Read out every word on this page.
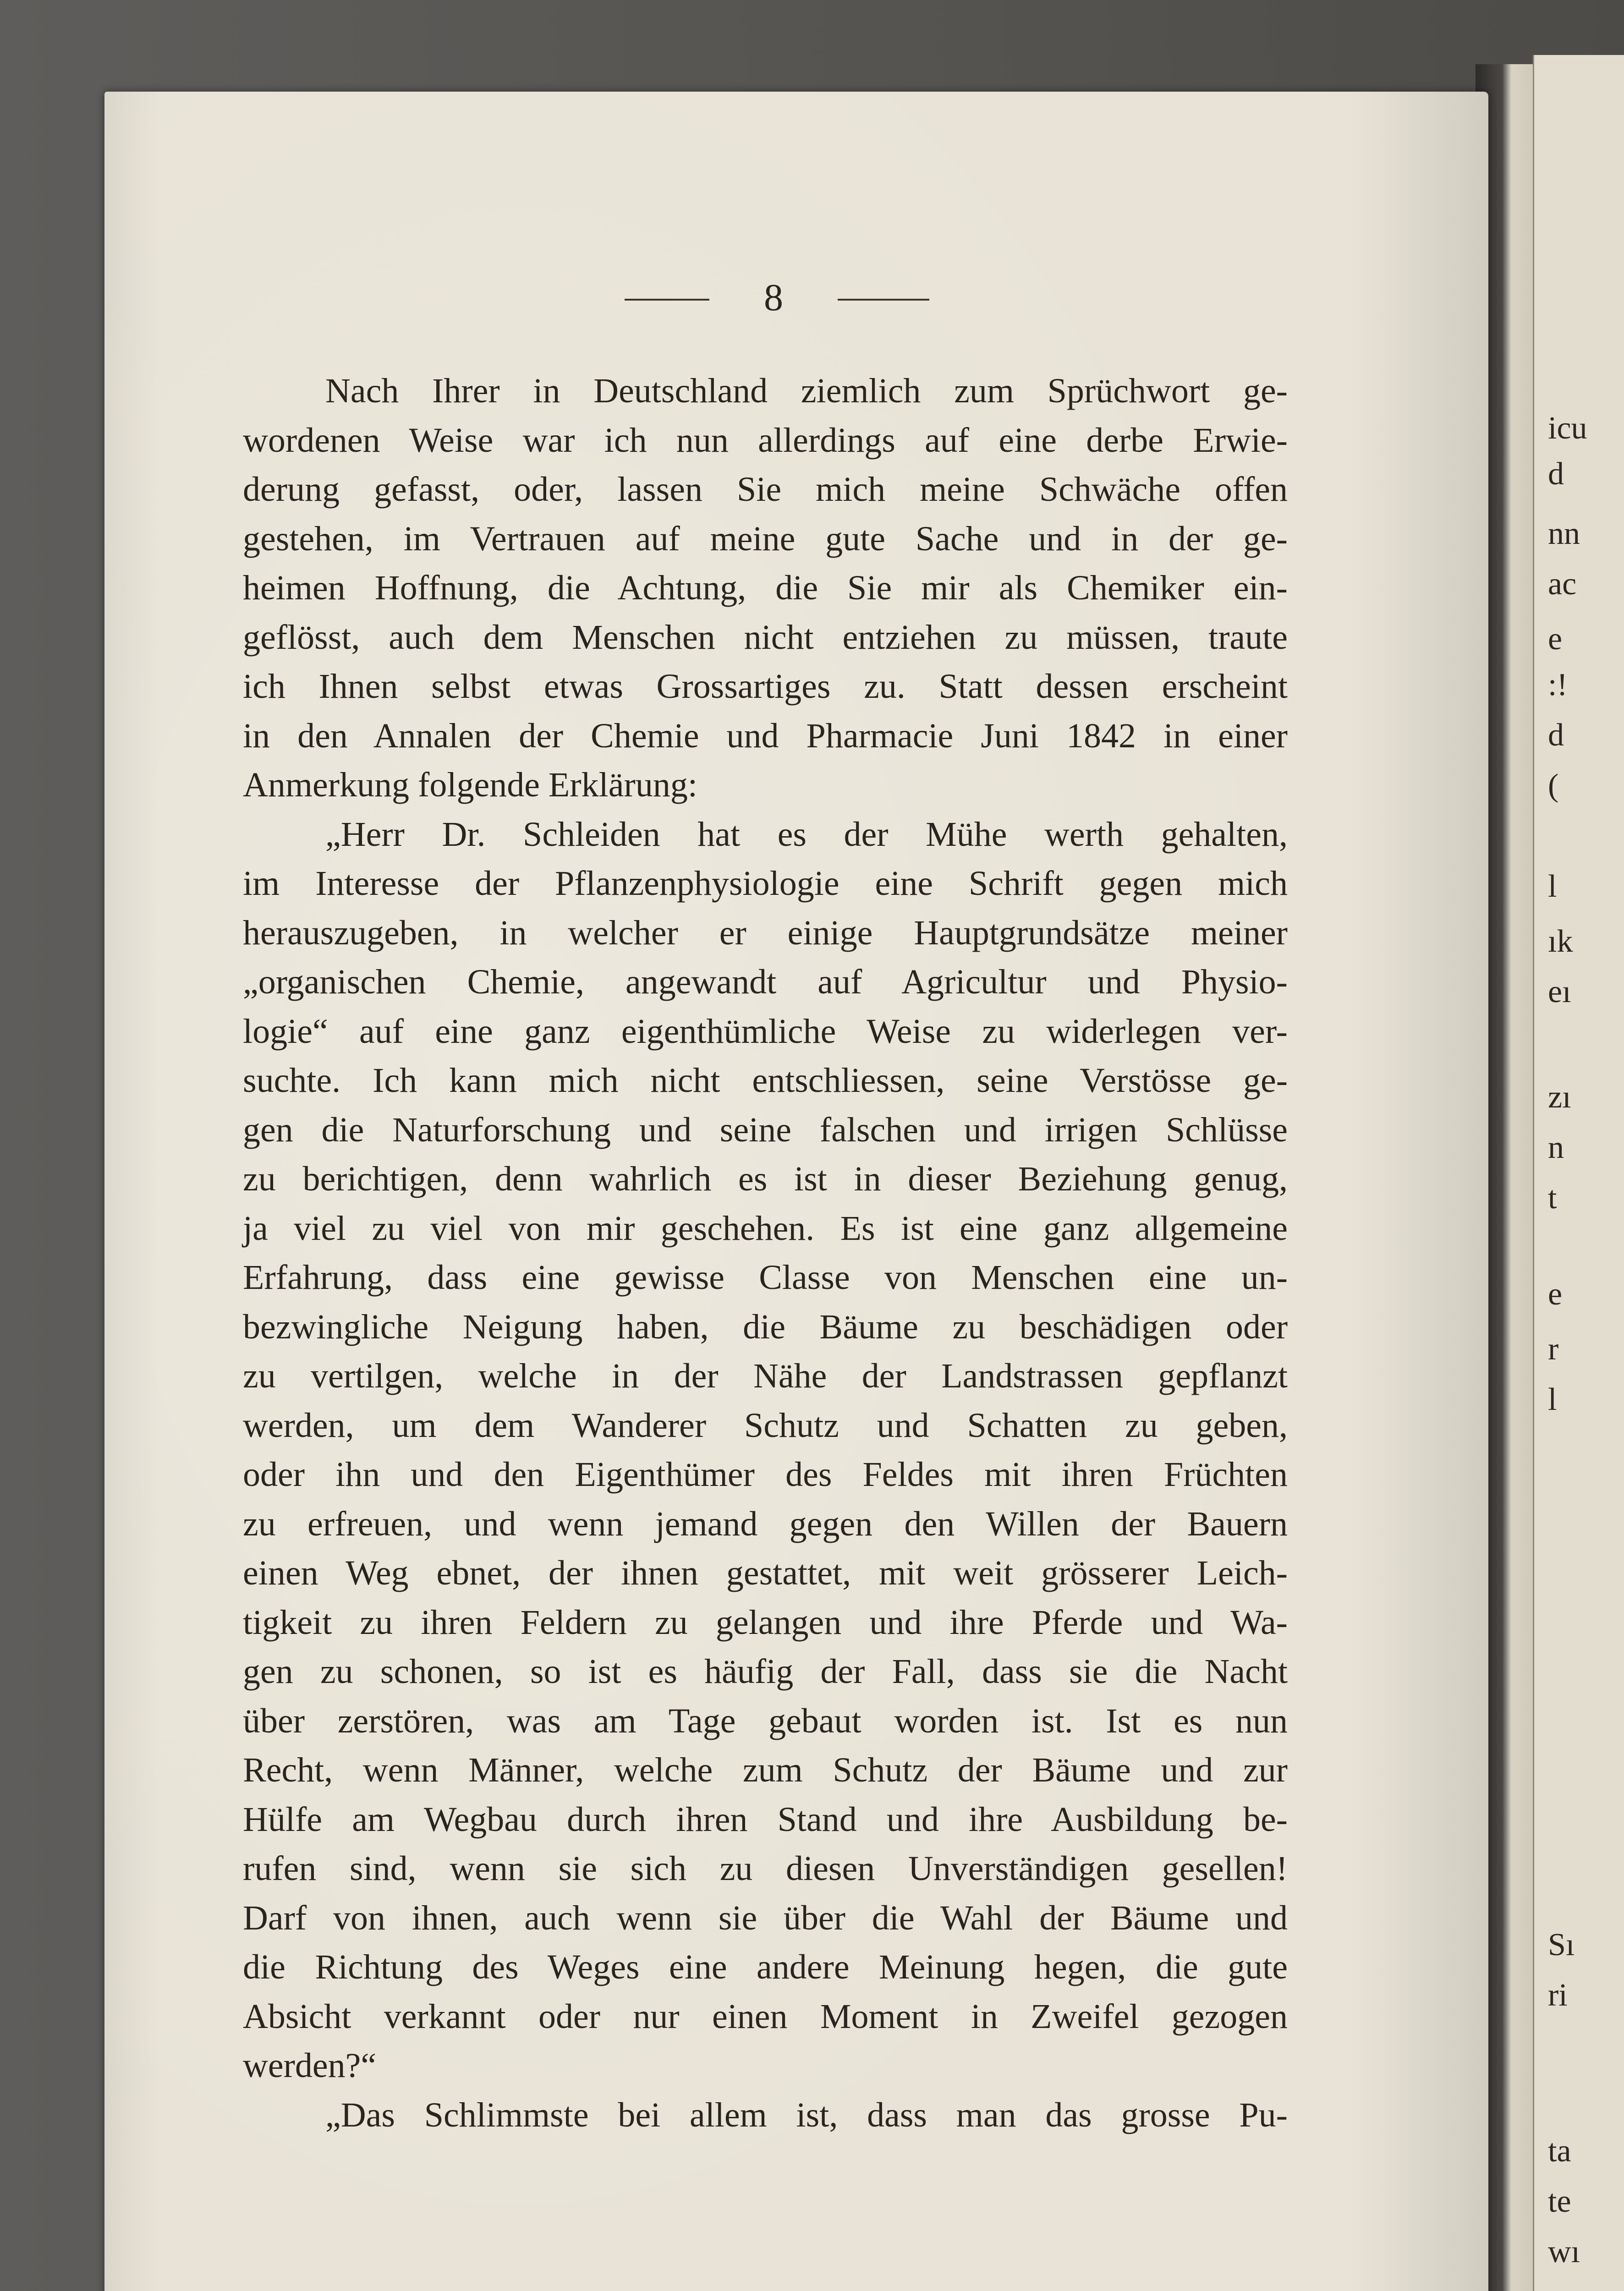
icu
d
nn
ac
e
:!
d
(
l
ık
eı
zı
n
t
e
r
l
Sı
ri
ta
te
wı
8
Nach Ihrer in Deutschland ziemlich zum Sprüchwort ge-
wordenen Weise war ich nun allerdings auf eine derbe Erwie-
derung gefasst, oder, lassen Sie mich meine Schwäche offen
gestehen, im Vertrauen auf meine gute Sache und in der ge-
heimen Hoffnung, die Achtung, die Sie mir als Chemiker ein-
geflösst, auch dem Menschen nicht entziehen zu müssen, traute
ich Ihnen selbst etwas Grossartiges zu. Statt dessen erscheint
in den Annalen der Chemie und Pharmacie Juni 1842 in einer
Anmerkung folgende Erklärung:
„Herr Dr. Schleiden hat es der Mühe werth gehalten,
im Interesse der Pflanzenphysiologie eine Schrift gegen mich
herauszugeben, in welcher er einige Hauptgrundsätze meiner
„organischen Chemie, angewandt auf Agricultur und Physio-
logie“ auf eine ganz eigenthümliche Weise zu widerlegen ver-
suchte. Ich kann mich nicht entschliessen, seine Verstösse ge-
gen die Naturforschung und seine falschen und irrigen Schlüsse
zu berichtigen, denn wahrlich es ist in dieser Beziehung genug,
ja viel zu viel von mir geschehen. Es ist eine ganz allgemeine
Erfahrung, dass eine gewisse Classe von Menschen eine un-
bezwingliche Neigung haben, die Bäume zu beschädigen oder
zu vertilgen, welche in der Nähe der Landstrassen gepflanzt
werden, um dem Wanderer Schutz und Schatten zu geben,
oder ihn und den Eigenthümer des Feldes mit ihren Früchten
zu erfreuen, und wenn jemand gegen den Willen der Bauern
einen Weg ebnet, der ihnen gestattet, mit weit grösserer Leich-
tigkeit zu ihren Feldern zu gelangen und ihre Pferde und Wa-
gen zu schonen, so ist es häufig der Fall, dass sie die Nacht
über zerstören, was am Tage gebaut worden ist. Ist es nun
Recht, wenn Männer, welche zum Schutz der Bäume und zur
Hülfe am Wegbau durch ihren Stand und ihre Ausbildung be-
rufen sind, wenn sie sich zu diesen Unverständigen gesellen!
Darf von ihnen, auch wenn sie über die Wahl der Bäume und
die Richtung des Weges eine andere Meinung hegen, die gute
Absicht verkannt oder nur einen Moment in Zweifel gezogen
werden?“
„Das Schlimmste bei allem ist, dass man das grosse Pu-
